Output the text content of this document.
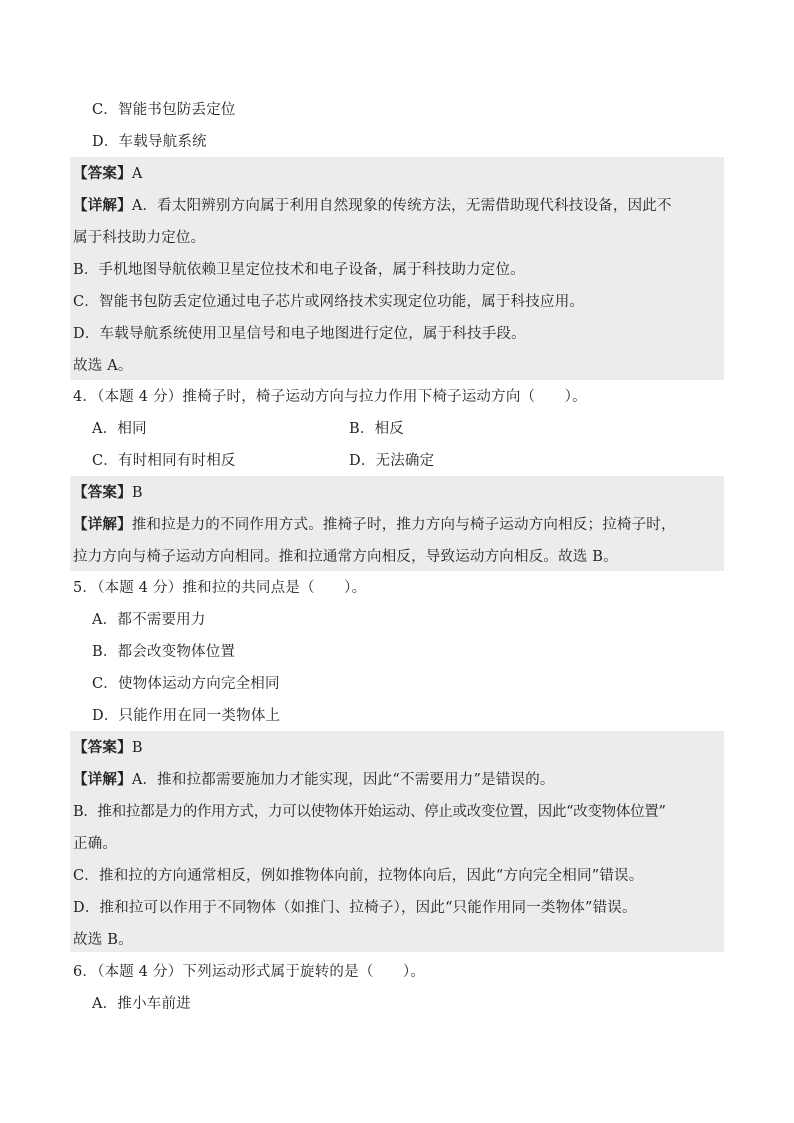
C．智能书包防丢定位
D．车载导航系统
【答案】A
【详解】A．看太阳辨别方向属于利用自然现象的传统方法，无需借助现代科技设备，因此不
属于科技助力定位。
B．手机地图导航依赖卫星定位技术和电子设备，属于科技助力定位。
C．智能书包防丢定位通过电子芯片或网络技术实现定位功能，属于科技应用。
D．车载导航系统使用卫星信号和电子地图进行定位，属于科技手段。
故选 A。
4．（本题 4 分）推椅子时，椅子运动方向与拉力作用下椅子运动方向（　　）。
A．相同	B．相反
C．有时相同有时相反	D．无法确定
【答案】B
【详解】推和拉是力的不同作用方式。推椅子时，推力方向与椅子运动方向相反；拉椅子时，
拉力方向与椅子运动方向相同。推和拉通常方向相反，导致运动方向相反。故选 B。
5．（本题 4 分）推和拉的共同点是（　　）。
A．都不需要用力
B．都会改变物体位置
C．使物体运动方向完全相同
D．只能作用在同一类物体上
【答案】B
【详解】A．推和拉都需要施加力才能实现，因此“不需要用力”是错误的。
B．推和拉都是力的作用方式，力可以使物体开始运动、停止或改变位置，因此“改变物体位置”
正确。
C．推和拉的方向通常相反，例如推物体向前，拉物体向后，因此“方向完全相同”错误。
D．推和拉可以作用于不同物体（如推门、拉椅子），因此“只能作用同一类物体”错误。
故选 B。
6．（本题 4 分）下列运动形式属于旋转的是（　　）。
A．推小车前进
